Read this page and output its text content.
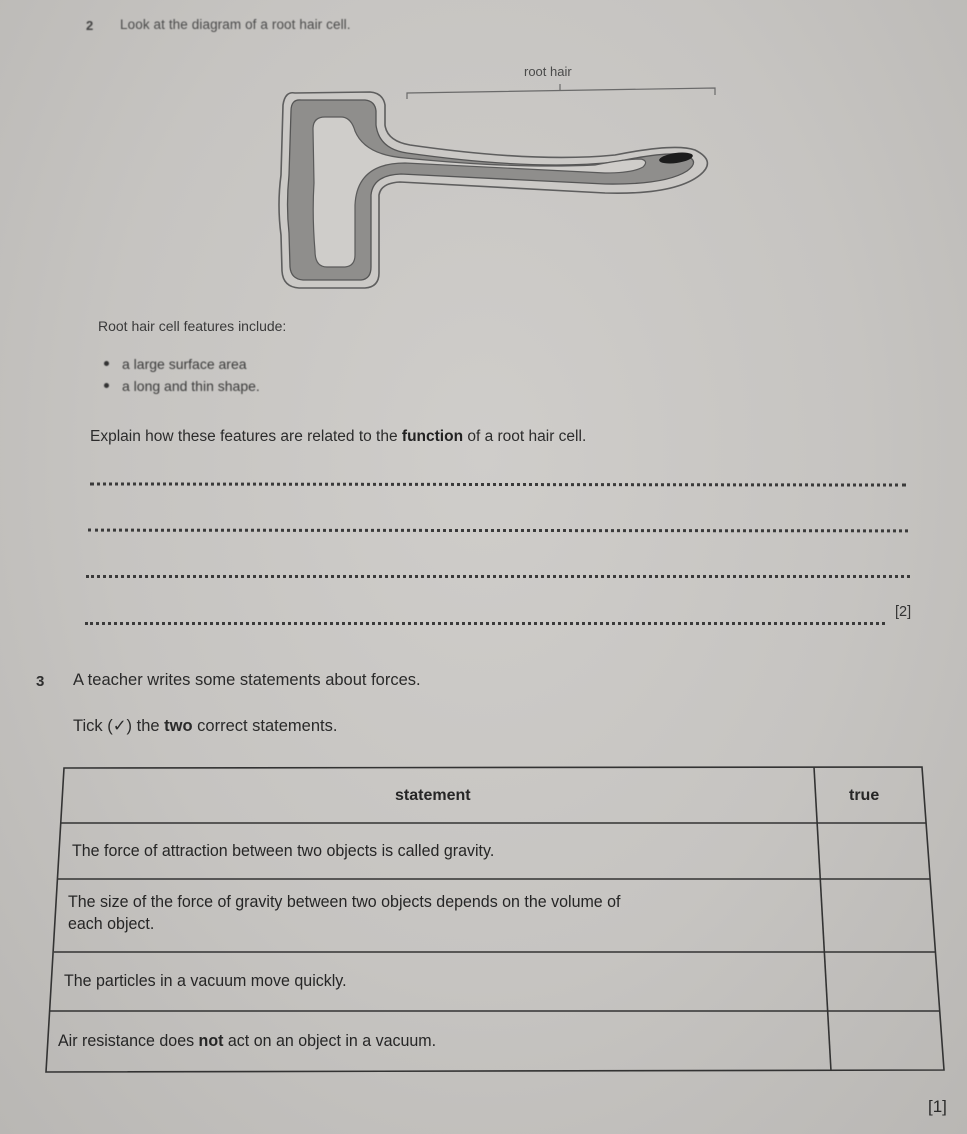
2 Look at the diagram of a root hair cell.
root hair
Root hair cell features include:
a large surface area
a long and thin shape.
Explain how these features are related to the function of a root hair cell.
[2]
3 A teacher writes some statements about forces.
Tick (✓) the two correct statements.
statement	true
The force of attraction between two objects is called gravity.
The size of the force of gravity between two objects depends on the volume of
each object.
The particles in a vacuum move quickly.
Air resistance does not act on an object in a vacuum.
[1]
